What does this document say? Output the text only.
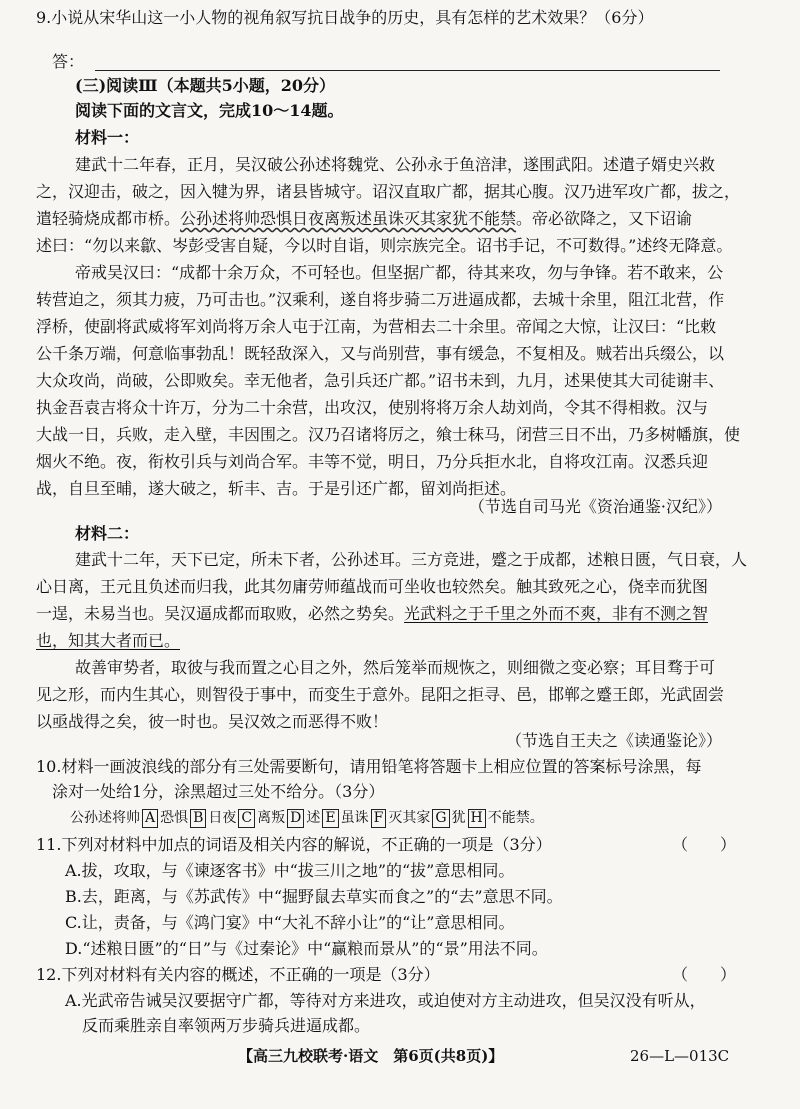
9.小说从宋华山这一小人物的视角叙写抗日战争的历史，具有怎样的艺术效果？（6分）
答：
(三)阅读Ⅲ（本题共5小题，20分）
阅读下面的文言文，完成10～14题。
材料一：
建武十二年春，正月，吴汉破公孙述将魏党、公孙永于鱼涪津，遂围武阳。述遣子婿史兴救
之，汉迎击，破之，因入犍为界，诸县皆城守。诏汉直取广都，据其心腹。汉乃进军攻广都，拔之，
遣轻骑烧成都市桥。公孙述将帅恐惧日夜离叛述虽诛灭其家犹不能禁。帝必欲降之，又下诏谕
述曰：“勿以来歙、岑彭受害自疑，今以时自诣，则宗族完全。诏书手记，不可数得。”述终无降意。
帝戒吴汉曰：“成都十余万众，不可轻也。但坚据广都，待其来攻，勿与争锋。若不敢来，公
转营迫之，须其力疲，乃可击也。”汉乘利，遂自将步骑二万进逼成都，去城十余里，阻江北营，作
浮桥，使副将武威将军刘尚将万余人屯于江南，为营相去二十余里。帝闻之大惊，让汉曰：“比敕
公千条万端，何意临事勃乱！既轻敌深入，又与尚别营，事有缓急，不复相及。贼若出兵缀公，以
大众攻尚，尚破，公即败矣。幸无他者，急引兵还广都。”诏书未到，九月，述果使其大司徒谢丰、
执金吾袁吉将众十许万，分为二十余营，出攻汉，使别将将万余人劫刘尚，令其不得相救。汉与
大战一日，兵败，走入壁，丰因围之。汉乃召诸将厉之，飨士秣马，闭营三日不出，乃多树幡旗，使
烟火不绝。夜，衔枚引兵与刘尚合军。丰等不觉，明日，乃分兵拒水北，自将攻江南。汉悉兵迎
战，自旦至晡，遂大破之，斩丰、吉。于是引还广都，留刘尚拒述。
（节选自司马光《资治通鉴·汉纪》）
材料二：
建武十二年，天下已定，所未下者，公孙述耳。三方竞进，蹙之于成都，述粮日匮，气日衰，人
心日离，王元且负述而归我，此其勿庸劳师蕴战而可坐收也较然矣。触其致死之心，侥幸而犹图
一逞，未易当也。吴汉逼成都而取败，必然之势矣。光武料之于千里之外而不爽，非有不测之智
也，知其大者而已。
故善审势者，取彼与我而置之心目之外，然后笼举而规恢之，则细微之变必察；耳目骛于可
见之形，而内生其心，则智役于事中，而变生于意外。昆阳之拒寻、邑，邯郸之蹙王郎，光武固尝
以亟战得之矣，彼一时也。吴汉效之而恶得不败！
（节选自王夫之《读通鉴论》）
10.材料一画波浪线的部分有三处需要断句，请用铅笔将答题卡上相应位置的答案标号涂黑，每
涂对一处给1分，涂黑超过三处不给分。（3分）
公孙述将帅 A 恐惧 B 日夜 C 离叛 D 述 E 虽诛 F 灭其家 G 犹 H 不能禁。
11.下列对材料中加点的词语及相关内容的解说，不正确的一项是（3分）	（　　）
A.拔，攻取，与《谏逐客书》中“拔三川之地”的“拔”意思相同。
B.去，距离，与《苏武传》中“掘野鼠去草实而食之”的“去”意思不同。
C.让，责备，与《鸿门宴》中“大礼不辞小让”的“让”意思相同。
D.“述粮日匮”的“日”与《过秦论》中“赢粮而景从”的“景”用法不同。
12.下列对材料有关内容的概述，不正确的一项是（3分）	（　　）
A.光武帝告诫吴汉要据守广都，等待对方来进攻，或迫使对方主动进攻，但吴汉没有听从，
反而乘胜亲自率领两万步骑兵进逼成都。
【高三九校联考·语文　第6页(共8页)】	26—L—013C
